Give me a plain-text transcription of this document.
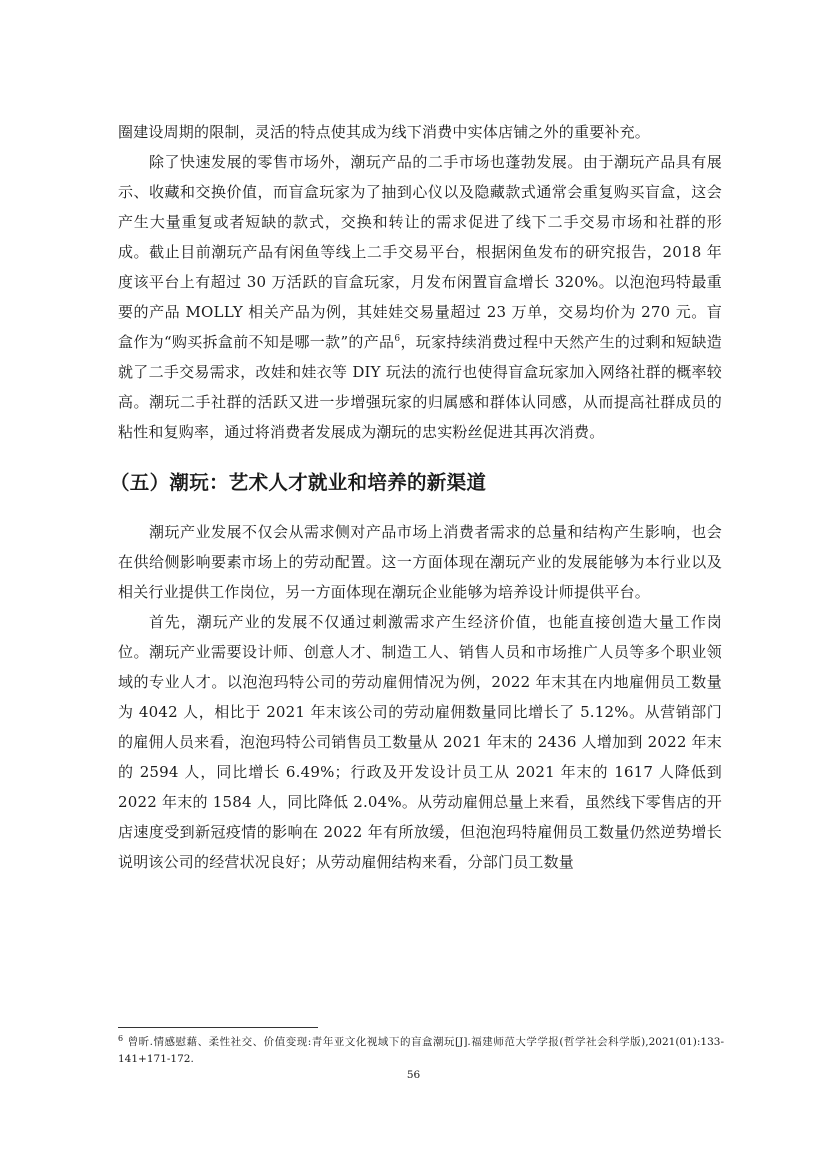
圈建设周期的限制，灵活的特点使其成为线下消费中实体店铺之外的重要补充。

除了快速发展的零售市场外，潮玩产品的二手市场也蓬勃发展。由于潮玩产品具有展示、收藏和交换价值，而盲盒玩家为了抽到心仪以及隐藏款式通常会重复购买盲盒，这会产生大量重复或者短缺的款式，交换和转让的需求促进了线下二手交易市场和社群的形成。截止目前潮玩产品有闲鱼等线上二手交易平台，根据闲鱼发布的研究报告，2018 年度该平台上有超过 30 万活跃的盲盒玩家，月发布闲置盲盒增长 320%。以泡泡玛特最重要的产品 MOLLY 相关产品为例，其娃娃交易量超过 23 万单，交易均价为 270 元。盲盒作为“购买拆盒前不知是哪一款”的产品$^6$，玩家持续消费过程中天然产生的过剩和短缺造就了二手交易需求，改娃和娃衣等 DIY 玩法的流行也使得盲盒玩家加入网络社群的概率较高。潮玩二手社群的活跃又进一步增强玩家的归属感和群体认同感，从而提高社群成员的粘性和复购率，通过将消费者发展成为潮玩的忠实粉丝促进其再次消费。

（五）潮玩：艺术人才就业和培养的新渠道

潮玩产业发展不仅会从需求侧对产品市场上消费者需求的总量和结构产生影响，也会在供给侧影响要素市场上的劳动配置。这一方面体现在潮玩产业的发展能够为本行业以及相关行业提供工作岗位，另一方面体现在潮玩企业能够为培养设计师提供平台。

首先，潮玩产业的发展不仅通过刺激需求产生经济价值，也能直接创造大量工作岗位。潮玩产业需要设计师、创意人才、制造工人、销售人员和市场推广人员等多个职业领域的专业人才。以泡泡玛特公司的劳动雇佣情况为例，2022 年末其在内地雇佣员工数量为 4042 人，相比于 2021 年末该公司的劳动雇佣数量同比增长了 5.12%。从营销部门的雇佣人员来看，泡泡玛特公司销售员工数量从 2021 年末的 2436 人增加到 2022 年末的 2594 人，同比增长 6.49%；行政及开发设计员工从 2021 年末的 1617 人降低到 2022 年末的 1584 人，同比降低 2.04%。从劳动雇佣总量上来看，虽然线下零售店的开店速度受到新冠疫情的影响在 2022 年有所放缓，但泡泡玛特雇佣员工数量仍然逆势增长说明该公司的经营状况良好；从劳动雇佣结构来看，分部门员工数量

$^6$ 曾昕.情感慰藉、柔性社交、价值变现:青年亚文化视域下的盲盒潮玩[J].福建师范大学学报(哲学社会科学版),2021(01):133-141+171-172.

56
